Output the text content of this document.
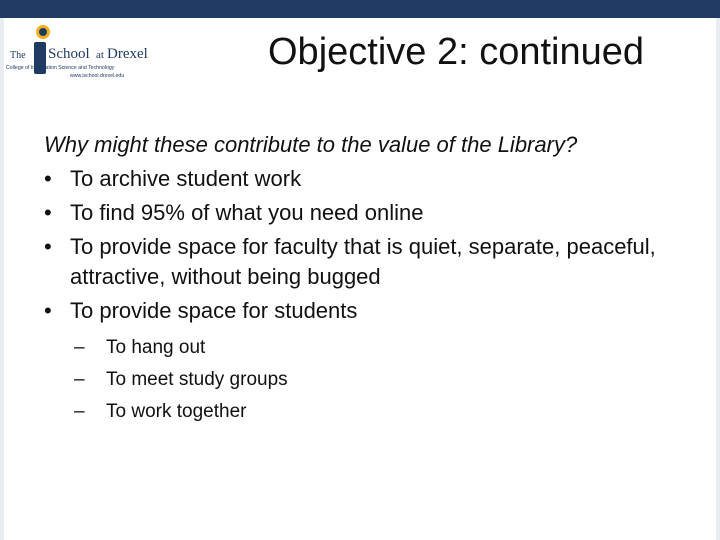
The School at Drexel
College of Information Science and Technology
www.ischool.drexel.edu
Objective 2: continued
Why might these contribute to the value of the Library?
• To archive student work
• To find 95% of what you need online
• To provide space for faculty that is quiet, separate, peaceful, attractive, without being bugged
• To provide space for students
– To hang out
– To meet study groups
– To work together
